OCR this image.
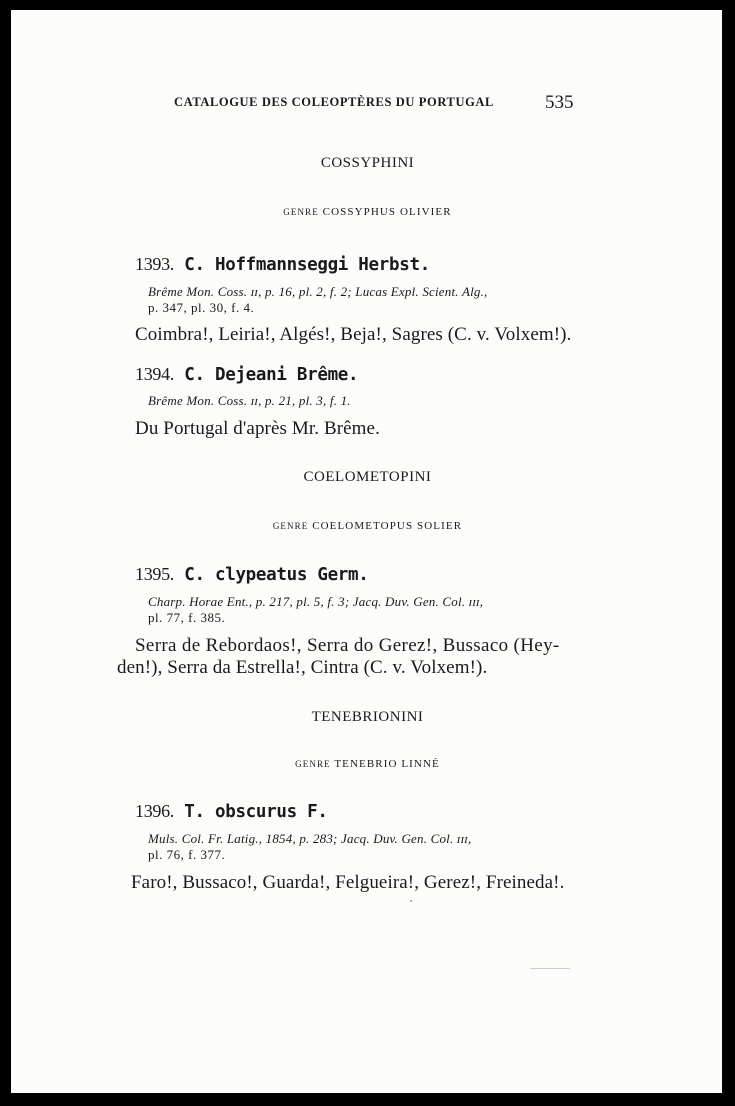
CATALOGUE DES COLEOPTÈRES DU PORTUGAL	535
COSSYPHINI
GENRE COSSYPHUS OLIVIER
1393. C. Hoffmannseggi Herbst.
Brême Mon. Coss. ɪɪ, p. 16, pl. 2, f. 2; Lucas Expl. Scient. Alg.,
p. 347, pl. 30, f. 4.
Coimbra!, Leiria!, Algés!, Beja!, Sagres (C. v. Volxem!).
1394. C. Dejeani Brême.
Brême Mon. Coss. ɪɪ, p. 21, pl. 3, f. 1.
Du Portugal d'après Mr. Brême.
COELOMETOPINI
GENRE COELOMETOPUS SOLIER
1395. C. clypeatus Germ.
Charp. Horae Ent., p. 217, pl. 5, f. 3; Jacq. Duv. Gen. Col. ɪɪɪ,
pl. 77, f. 385.
Serra de Rebordaos!, Serra do Gerez!, Bussaco (Hey-
den!), Serra da Estrella!, Cintra (C. v. Volxem!).
TENEBRIONINI
GENRE TENEBRIO LINNÉ
1396. T. obscurus F.
Muls. Col. Fr. Latig., 1854, p. 283; Jacq. Duv. Gen. Col. ɪɪɪ,
pl. 76, f. 377.
Faro!, Bussaco!, Guarda!, Felgueira!, Gerez!, Freineda!.
